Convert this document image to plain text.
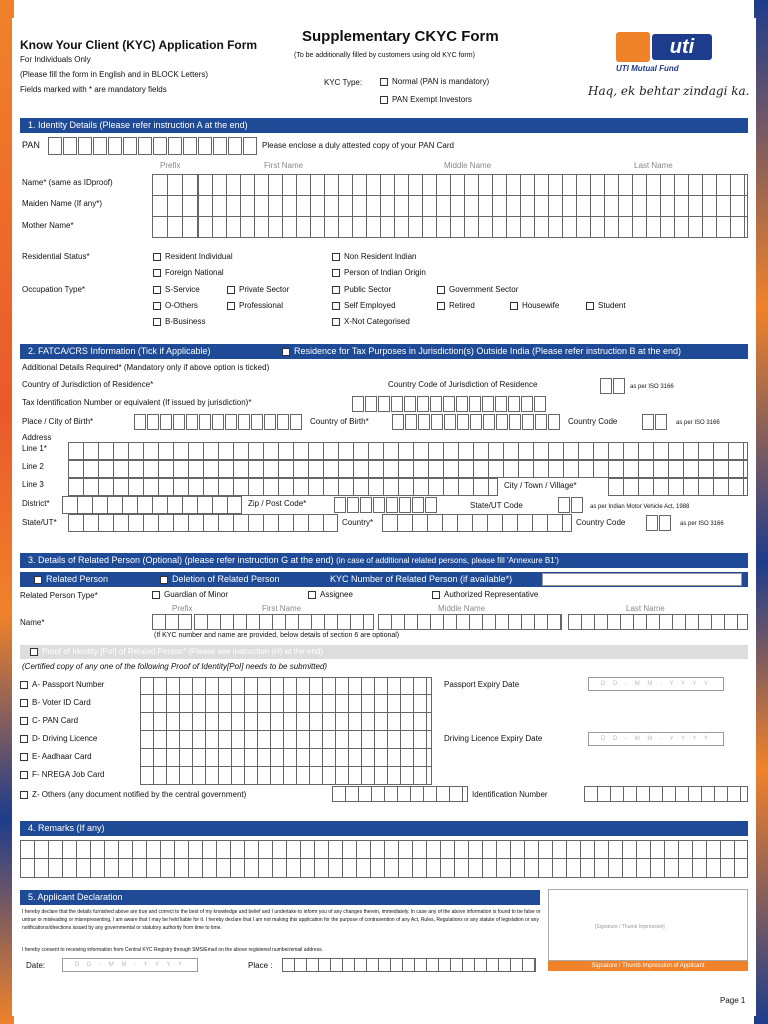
Know Your Client (KYC) Application Form
For Individuals Only
(Please fill the form in English and in BLOCK Letters)
Fields marked with * are mandatory fields
Supplementary CKYC Form
(To be additionally filled by customers using old KYC form)
KYC Type:	Normal (PAN is mandatory)
PAN Exempt Investors
uti
UTI Mutual Fund
Haq, ek behtar zindagi ka.
1. Identity Details (Please refer instruction A at the end)
PAN	Please enclose a duly attested copy of your PAN Card
Prefix	First Name	Middle Name	Last Name
Name* (same as IDproof)
Maiden Name (If any*)
Mother Name*
Residential Status*	Resident Individual	Non Resident Indian
Foreign National	Person of Indian Origin
Occupation Type*	S-Service	Private Sector	Public Sector	Government Sector
O-Others	Professional	Self Employed	Retired	Housewife	Student
B-Business	X-Not Categorised
2. FATCA/CRS Information (Tick if Applicable)	Residence for Tax Purposes in Jurisdiction(s) Outside India (Please refer instruction B at the end)
Additional Details Required* (Mandatory only if above option is ticked)
Country of Jurisdiction of Residence*	Country Code of Jurisdiction of Residence	as per ISO 3166
Tax Identification Number or equivalent (If issued by jurisdiction)*
Place / City of Birth*	Country of Birth*	Country Code	as per ISO 3166
Address
Line 1*
Line 2
Line 3	City / Town / Village*
District*	Zip / Post Code*	State/UT Code	as per Indian Motor Vehicle Act, 1988
State/UT*	Country*	Country Code	as per ISO 3166
3. Details of Related Person (Optional) (please refer instruction G at the end) (in case of additional related persons, please fill 'Annexure B1')
Related Person	Deletion of Related Person	KYC Number of Related Person (if available*)
Related Person Type*	Guardian of Minor	Assignee	Authorized Representative
Prefix	First Name	Middle Name	Last Name
Name*
(If KYC number and name are provided, below details of section 6 are optional)
Proof of Identity [PoI] of Related Person* (Please see instruction (H) at the end)
(Certified copy of any one of the following Proof of Identity[PoI] needs to be submitted)
A- Passport Number
B- Voter ID Card
C- PAN Card
D- Driving Licence
E- Aadhaar Card
F- NREGA Job Card
Passport Expiry Date	D D - M M - Y Y Y Y
Driving Licence Expiry Date	D D - M M - Y Y Y Y
Z- Others (any document notified by the central government)	Identification Number
4. Remarks (If any)
5. Applicant Declaration
I hereby declare that the details furnished above are true and correct to the best of my knowledge and belief and I undertake to inform you of any changes therein, immediately. In case any of the above information is found to be false or untrue or misleading or misrepresenting, I am aware that I may be held liable for it. I hereby declare that I am not making this application for the purpose of contravention of any Act, Rules, Regulations or any statute of legislation or any notifications/directions issued by any governmental or statutory authority from time to time.
I hereby consent to receiving information from Central KYC Registry through SMS/Email on the above registered number/email address.
Date:	D D - M M - Y Y Y Y	Place :
[Signature / Thumb Impression]
Signature / Thumb Impression of Applicant
Page 1
